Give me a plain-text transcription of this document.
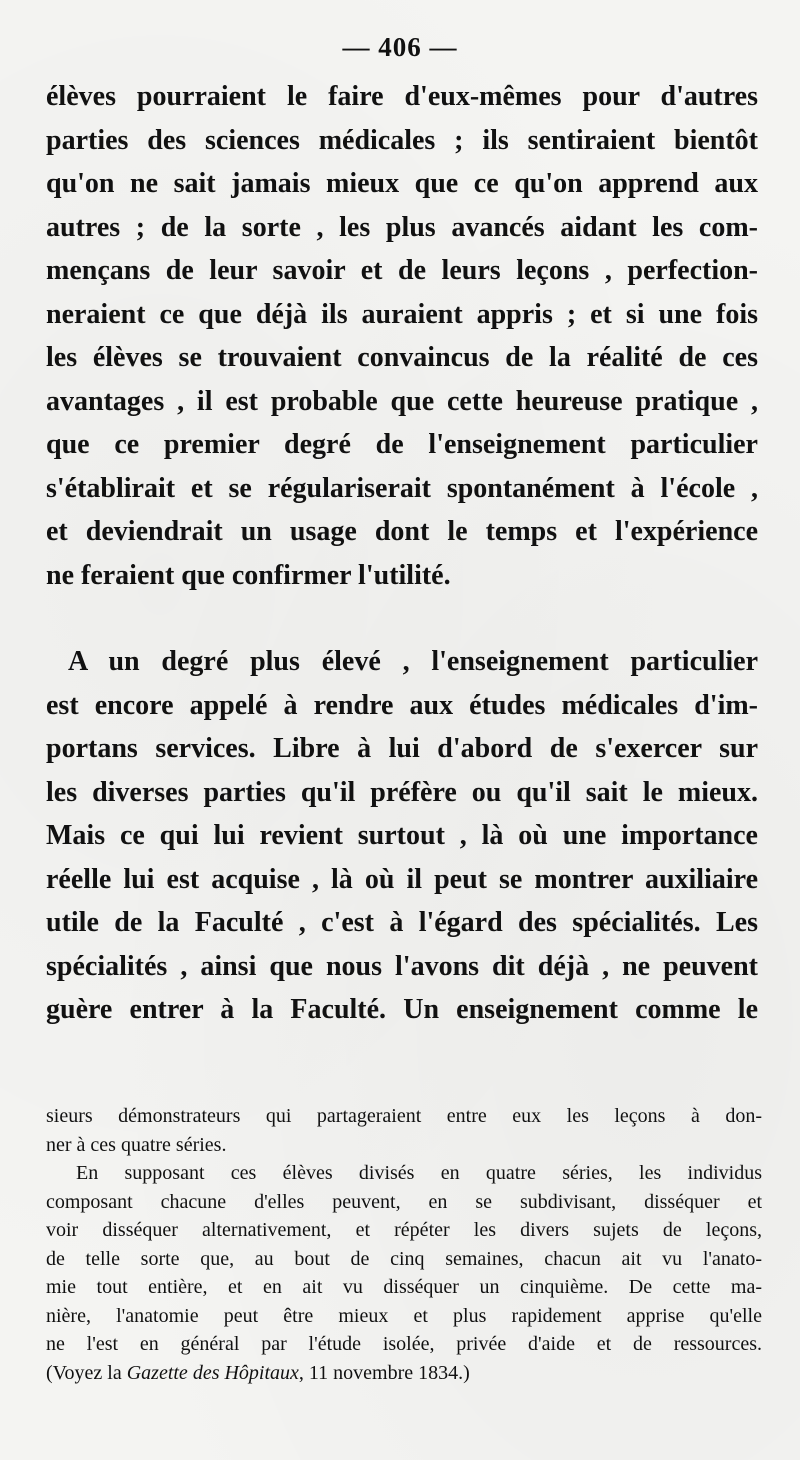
— 406 —
élèves pourraient le faire d'eux-mêmes pour d'autres
parties des sciences médicales ; ils sentiraient bientôt
qu'on ne sait jamais mieux que ce qu'on apprend aux
autres ; de la sorte , les plus avancés aidant les com-
mençans de leur savoir et de leurs leçons , perfection-
neraient ce que déjà ils auraient appris ; et si une fois
les élèves se trouvaient convaincus de la réalité de ces
avantages , il est probable que cette heureuse pratique ,
que ce premier degré de l'enseignement particulier
s'établirait et se régulariserait spontanément à l'école ,
et deviendrait un usage dont le temps et l'expérience
ne feraient que confirmer l'utilité.
A un degré plus élevé , l'enseignement particulier
est encore appelé à rendre aux études médicales d'im-
portans services. Libre à lui d'abord de s'exercer sur
les diverses parties qu'il préfère ou qu'il sait le mieux.
Mais ce qui lui revient surtout , là où une importance
réelle lui est acquise , là où il peut se montrer auxiliaire
utile de la Faculté , c'est à l'égard des spécialités. Les
spécialités , ainsi que nous l'avons dit déjà , ne peuvent
guère entrer à la Faculté. Un enseignement comme le
sieurs démonstrateurs qui partageraient entre eux les leçons à don-
ner à ces quatre séries.
En supposant ces élèves divisés en quatre séries, les individus
composant chacune d'elles peuvent, en se subdivisant, disséquer et
voir disséquer alternativement, et répéter les divers sujets de leçons,
de telle sorte que, au bout de cinq semaines, chacun ait vu l'anato-
mie tout entière, et en ait vu disséquer un cinquième. De cette ma-
nière, l'anatomie peut être mieux et plus rapidement apprise qu'elle
ne l'est en général par l'étude isolée, privée d'aide et de ressources.
(Voyez la Gazette des Hôpitaux, 11 novembre 1834.)
